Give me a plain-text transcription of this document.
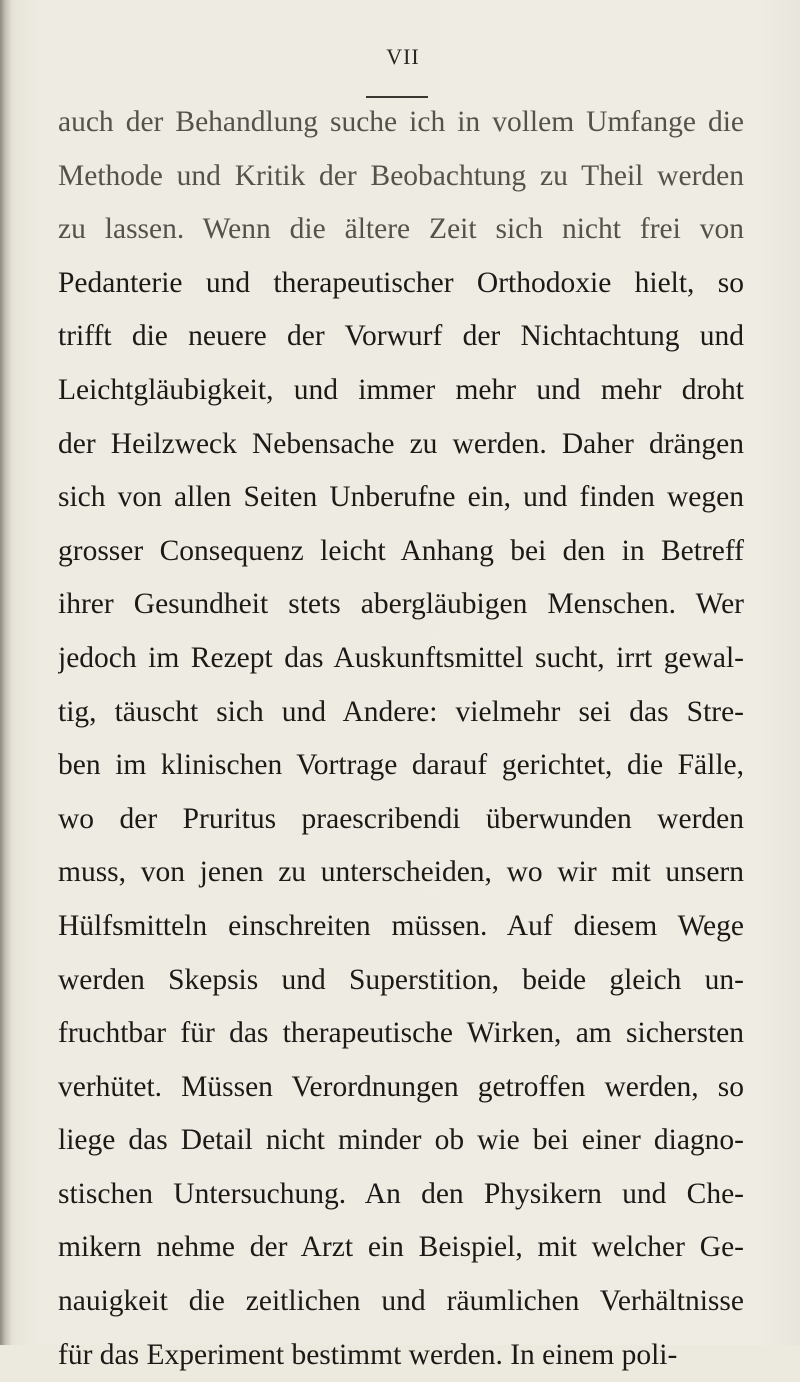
VII
auch der Behandlung suche ich in vollem Umfange die
Methode und Kritik der Beobachtung zu Theil werden
zu lassen. Wenn die ältere Zeit sich nicht frei von
Pedanterie und therapeutischer Orthodoxie hielt, so
trifft die neuere der Vorwurf der Nichtachtung und
Leichtgläubigkeit, und immer mehr und mehr droht
der Heilzweck Nebensache zu werden. Daher drängen
sich von allen Seiten Unberufne ein, und finden wegen
grosser Consequenz leicht Anhang bei den in Betreff
ihrer Gesundheit stets abergläubigen Menschen. Wer
jedoch im Rezept das Auskunftsmittel sucht, irrt gewal-
tig, täuscht sich und Andere: vielmehr sei das Stre-
ben im klinischen Vortrage darauf gerichtet, die Fälle,
wo der Pruritus praescribendi überwunden werden
muss, von jenen zu unterscheiden, wo wir mit unsern
Hülfsmitteln einschreiten müssen. Auf diesem Wege
werden Skepsis und Superstition, beide gleich un-
fruchtbar für das therapeutische Wirken, am sichersten
verhütet. Müssen Verordnungen getroffen werden, so
liege das Detail nicht minder ob wie bei einer diagno-
stischen Untersuchung. An den Physikern und Che-
mikern nehme der Arzt ein Beispiel, mit welcher Ge-
nauigkeit die zeitlichen und räumlichen Verhältnisse
für das Experiment bestimmt werden. In einem poli-
